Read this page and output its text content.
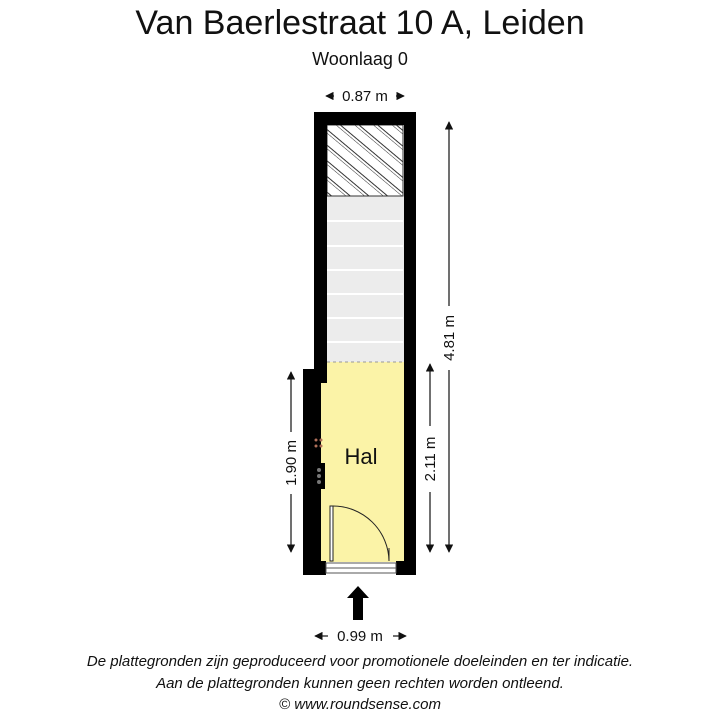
Van Baerlestraat 10 A, Leiden
Woonlaag 0
Hal
0.87 m
0.99 m
4.81 m
2.11 m
1.90 m
De plattegronden zijn geproduceerd voor promotionele doeleinden en ter indicatie.
Aan de plattegronden kunnen geen rechten worden ontleend.
© www.roundsense.com
